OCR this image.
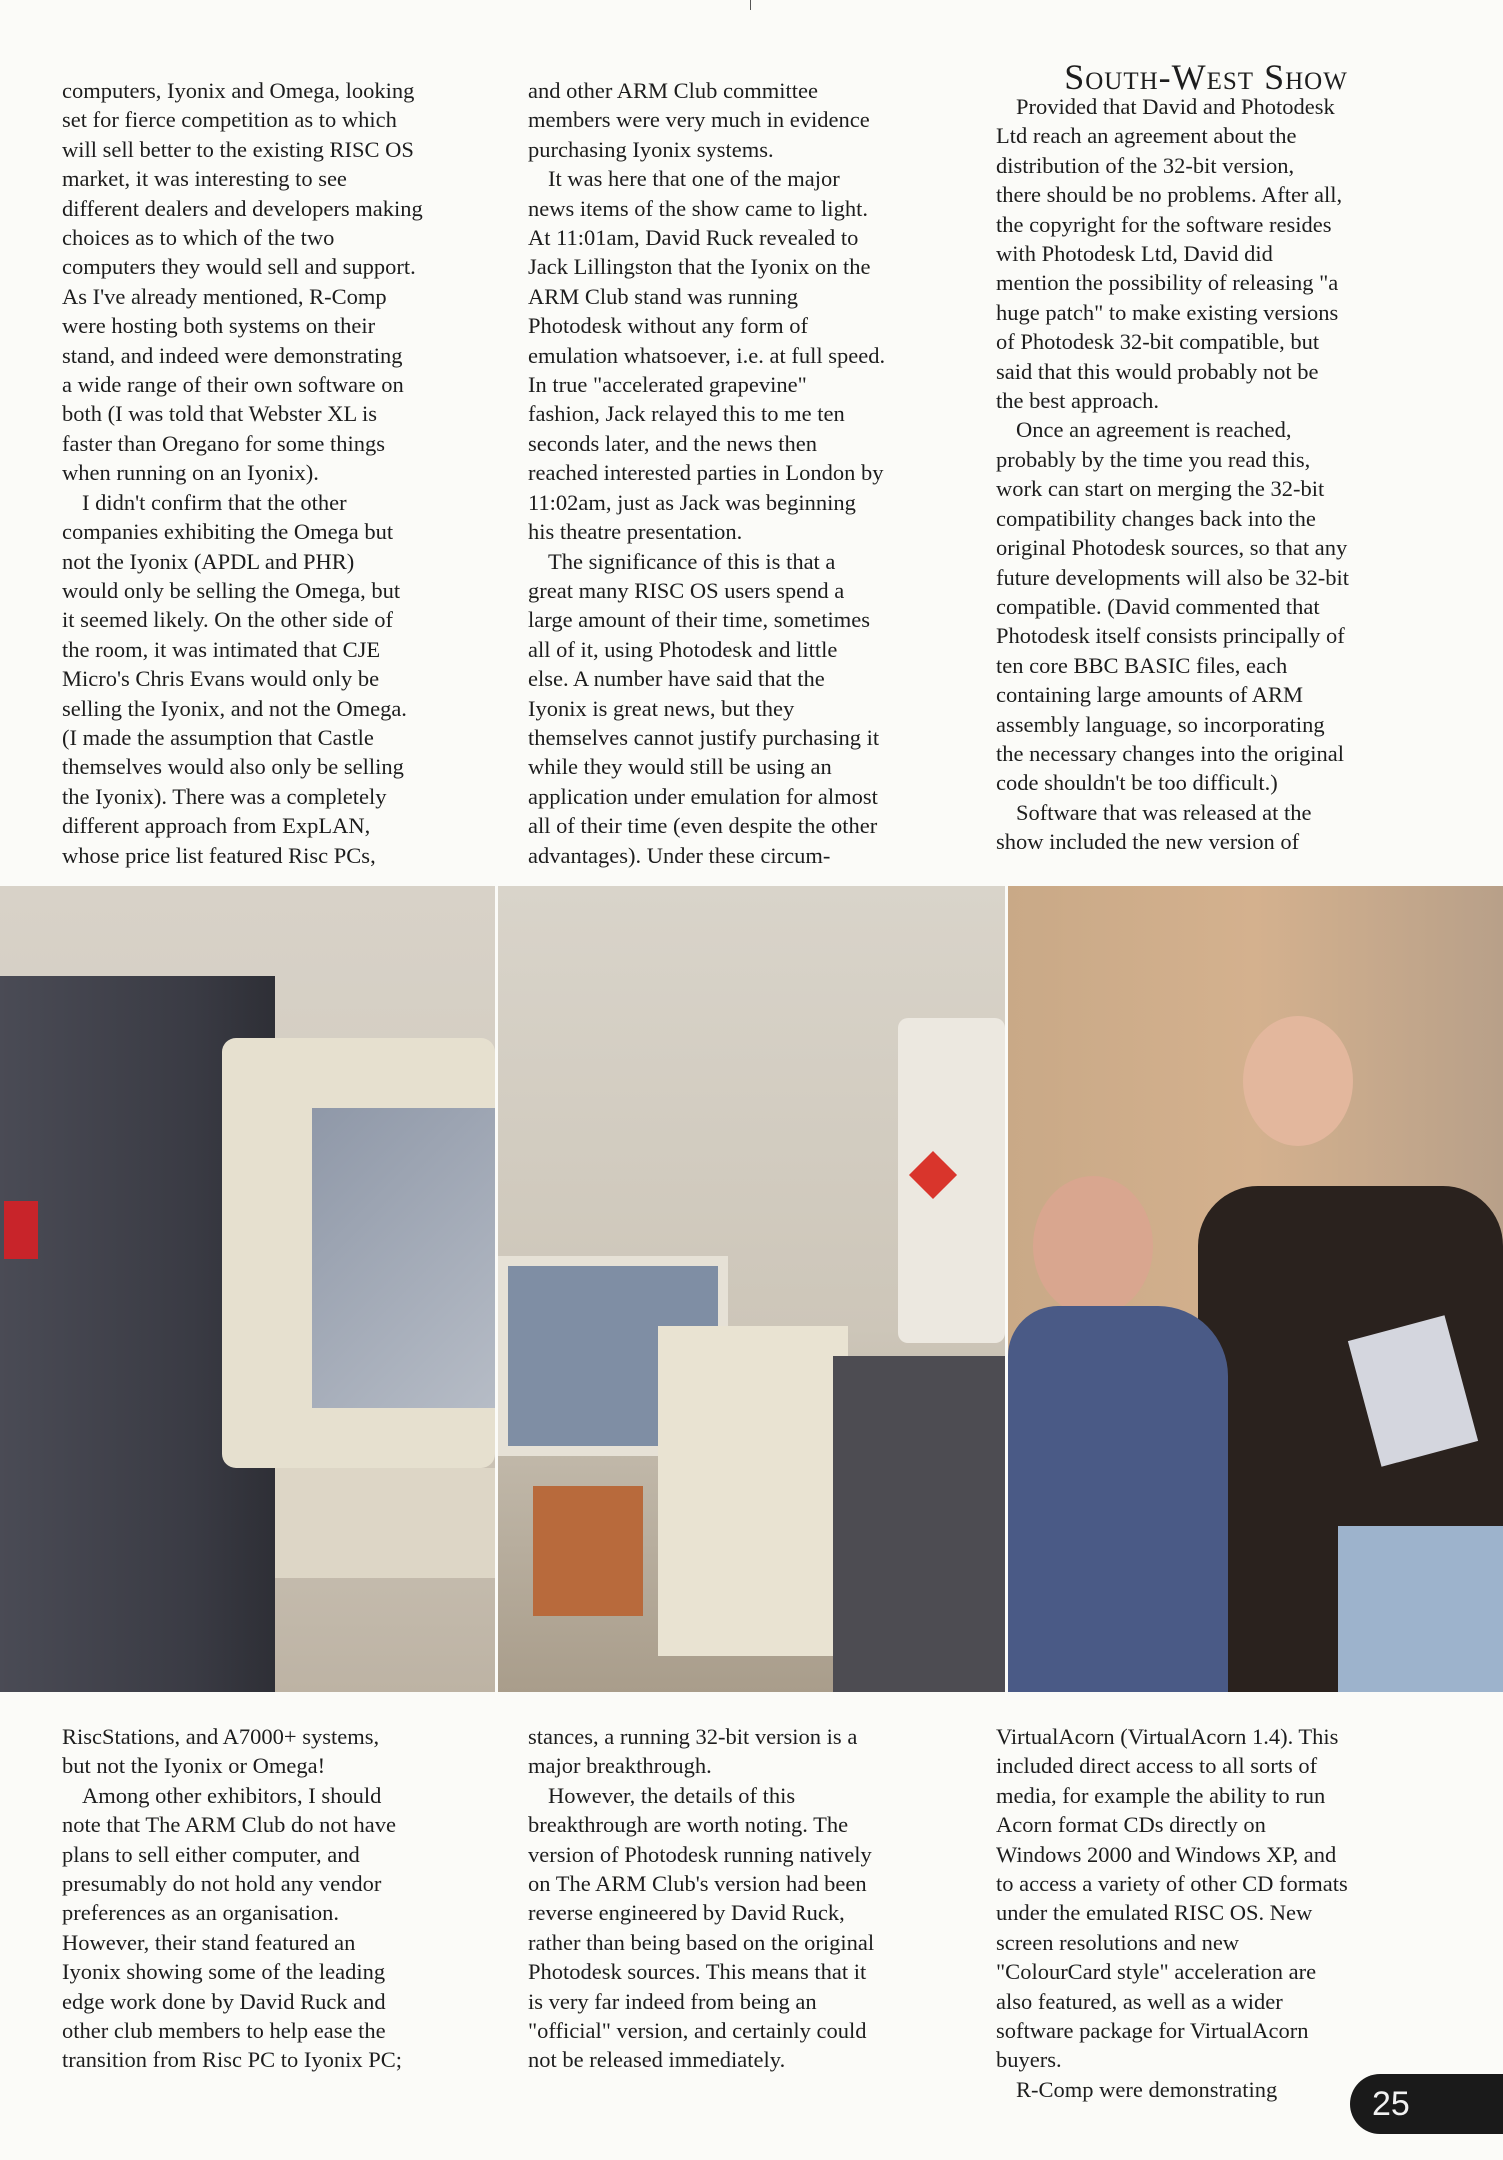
computers, Iyonix and Omega, looking
set for fierce competition as to which
will sell better to the existing RISC OS
market, it was interesting to see
different dealers and developers making
choices as to which of the two
computers they would sell and support.
As I've already mentioned, R-Comp
were hosting both systems on their
stand, and indeed were demonstrating
a wide range of their own software on
both (I was told that Webster XL is
faster than Oregano for some things
when running on an Iyonix).
I didn't confirm that the other
companies exhibiting the Omega but
not the Iyonix (APDL and PHR)
would only be selling the Omega, but
it seemed likely. On the other side of
the room, it was intimated that CJE
Micro's Chris Evans would only be
selling the Iyonix, and not the Omega.
(I made the assumption that Castle
themselves would also only be selling
the Iyonix). There was a completely
different approach from ExpLAN,
whose price list featured Risc PCs,
and other ARM Club committee
members were very much in evidence
purchasing Iyonix systems.
It was here that one of the major
news items of the show came to light.
At 11:01am, David Ruck revealed to
Jack Lillingston that the Iyonix on the
ARM Club stand was running
Photodesk without any form of
emulation whatsoever, i.e. at full speed.
In true "accelerated grapevine"
fashion, Jack relayed this to me ten
seconds later, and the news then
reached interested parties in London by
11:02am, just as Jack was beginning
his theatre presentation.
The significance of this is that a
great many RISC OS users spend a
large amount of their time, sometimes
all of it, using Photodesk and little
else. A number have said that the
Iyonix is great news, but they
themselves cannot justify purchasing it
while they would still be using an
application under emulation for almost
all of their time (even despite the other
advantages). Under these circum-
South-West Show
Provided that David and Photodesk
Ltd reach an agreement about the
distribution of the 32-bit version,
there should be no problems. After all,
the copyright for the software resides
with Photodesk Ltd, David did
mention the possibility of releasing "a
huge patch" to make existing versions
of Photodesk 32-bit compatible, but
said that this would probably not be
the best approach.
Once an agreement is reached,
probably by the time you read this,
work can start on merging the 32-bit
compatibility changes back into the
original Photodesk sources, so that any
future developments will also be 32-bit
compatible. (David commented that
Photodesk itself consists principally of
ten core BBC BASIC files, each
containing large amounts of ARM
assembly language, so incorporating
the necessary changes into the original
code shouldn't be too difficult.)
Software that was released at the
show included the new version of
RiscStations, and A7000+ systems,
but not the Iyonix or Omega!
Among other exhibitors, I should
note that The ARM Club do not have
plans to sell either computer, and
presumably do not hold any vendor
preferences as an organisation.
However, their stand featured an
Iyonix showing some of the leading
edge work done by David Ruck and
other club members to help ease the
transition from Risc PC to Iyonix PC;
stances, a running 32-bit version is a
major breakthrough.
However, the details of this
breakthrough are worth noting. The
version of Photodesk running natively
on The ARM Club's version had been
reverse engineered by David Ruck,
rather than being based on the original
Photodesk sources. This means that it
is very far indeed from being an
"official" version, and certainly could
not be released immediately.
VirtualAcorn (VirtualAcorn 1.4). This
included direct access to all sorts of
media, for example the ability to run
Acorn format CDs directly on
Windows 2000 and Windows XP, and
to access a variety of other CD formats
under the emulated RISC OS. New
screen resolutions and new
"ColourCard style" acceleration are
also featured, as well as a wider
software package for VirtualAcorn
buyers.
R-Comp were demonstrating	25
